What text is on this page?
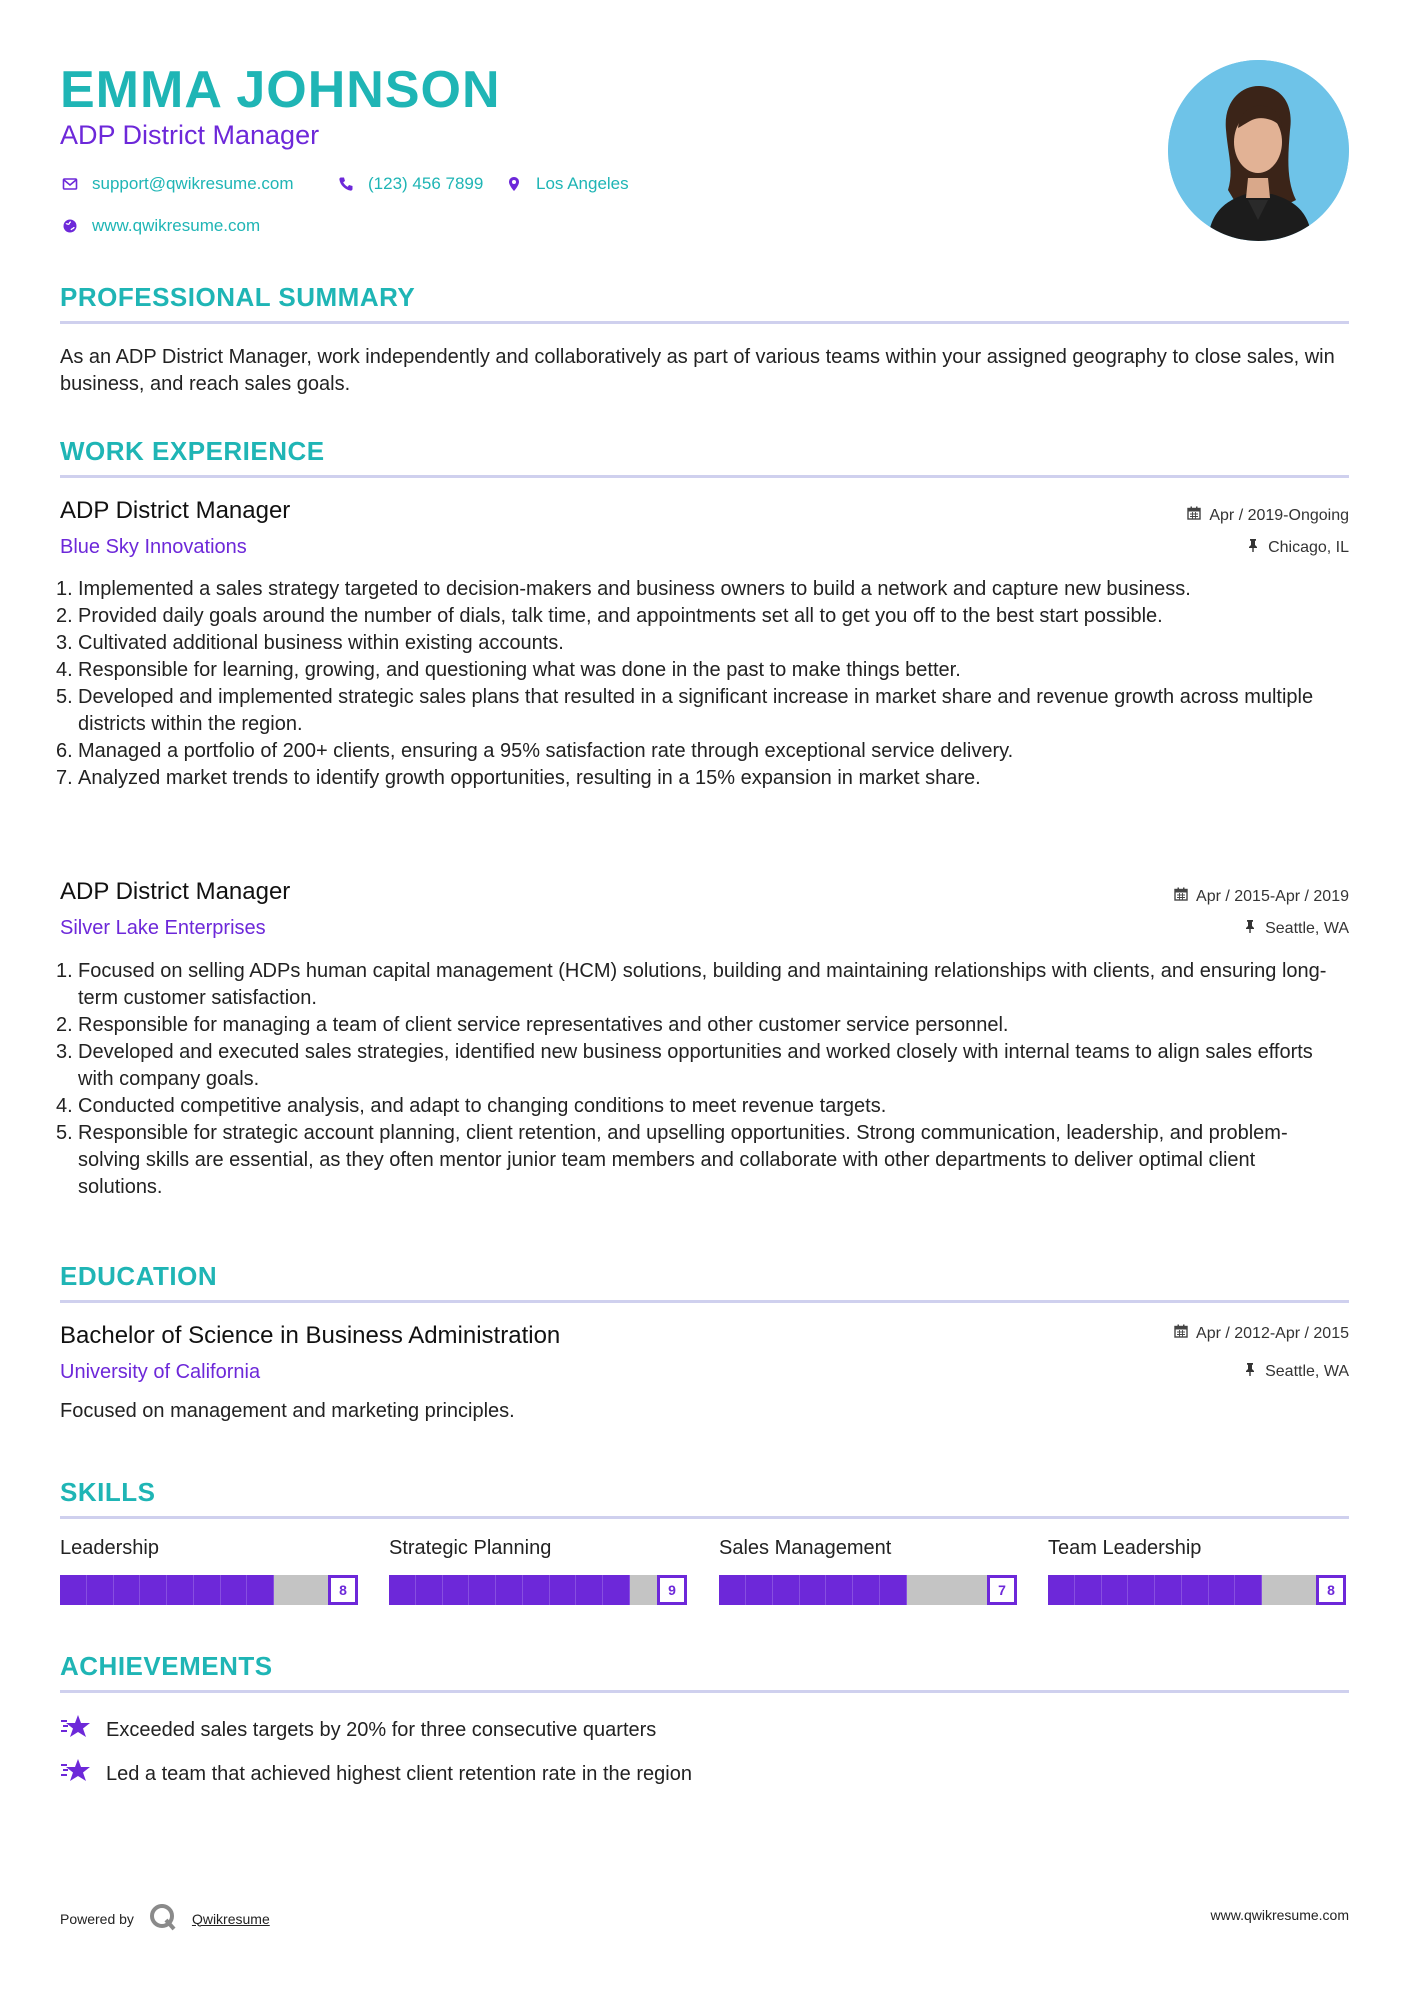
EMMA JOHNSON
ADP District Manager
support@qwikresume.com	(123) 456 7899	Los Angeles
www.qwikresume.com
PROFESSIONAL SUMMARY
As an ADP District Manager, work independently and collaboratively as part of various teams within your assigned geography to close sales, win business, and reach sales goals.
WORK EXPERIENCE
ADP District Manager
Blue Sky Innovations
Apr / 2019-Ongoing
Chicago, IL
1. Implemented a sales strategy targeted to decision-makers and business owners to build a network and capture new business.
2. Provided daily goals around the number of dials, talk time, and appointments set all to get you off to the best start possible.
3. Cultivated additional business within existing accounts.
4. Responsible for learning, growing, and questioning what was done in the past to make things better.
5. Developed and implemented strategic sales plans that resulted in a significant increase in market share and revenue growth across multiple districts within the region.
6. Managed a portfolio of 200+ clients, ensuring a 95% satisfaction rate through exceptional service delivery.
7. Analyzed market trends to identify growth opportunities, resulting in a 15% expansion in market share.
ADP District Manager
Silver Lake Enterprises
Apr / 2015-Apr / 2019
Seattle, WA
1. Focused on selling ADPs human capital management (HCM) solutions, building and maintaining relationships with clients, and ensuring long-term customer satisfaction.
2. Responsible for managing a team of client service representatives and other customer service personnel.
3. Developed and executed sales strategies, identified new business opportunities and worked closely with internal teams to align sales efforts with company goals.
4. Conducted competitive analysis, and adapt to changing conditions to meet revenue targets.
5. Responsible for strategic account planning, client retention, and upselling opportunities. Strong communication, leadership, and problem-solving skills are essential, as they often mentor junior team members and collaborate with other departments to deliver optimal client solutions.
EDUCATION
Bachelor of Science in Business Administration
University of California
Apr / 2012-Apr / 2015
Seattle, WA
Focused on management and marketing principles.
SKILLS
Leadership
8
Strategic Planning
9
Sales Management
7
Team Leadership
8
ACHIEVEMENTS
Exceeded sales targets by 20% for three consecutive quarters
Led a team that achieved highest client retention rate in the region
Powered by	Qwikresume	www.qwikresume.com
